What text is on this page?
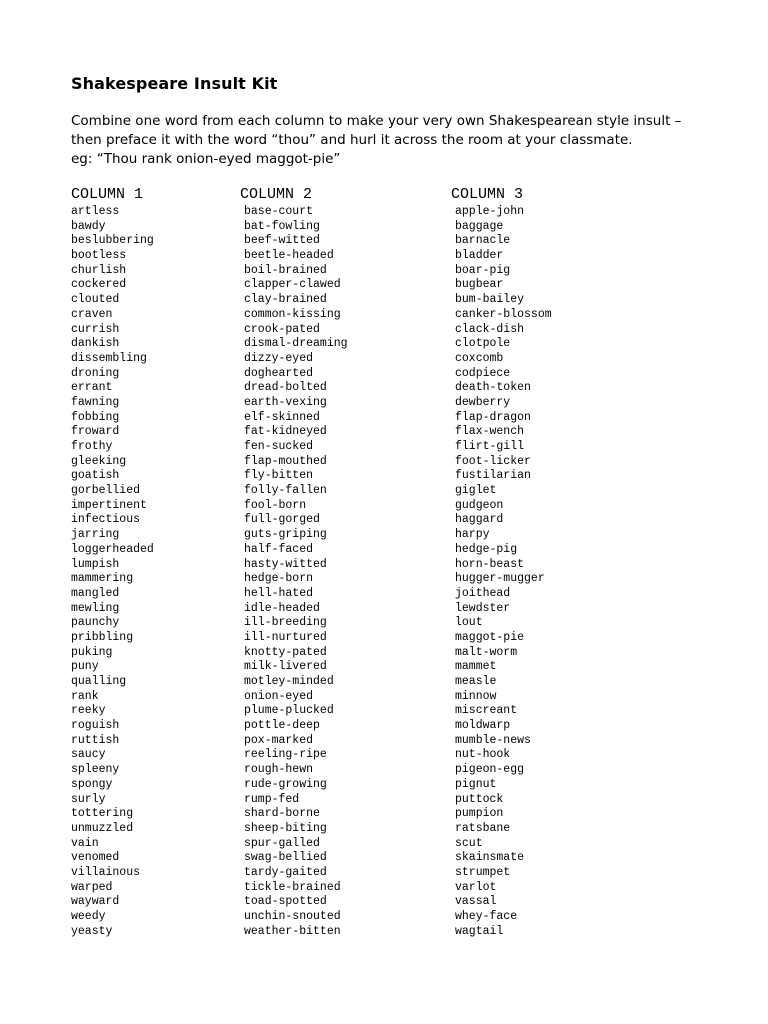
Shakespeare Insult Kit
Combine one word from each column to make your very own Shakespearean style insult –
then preface it with the word “thou” and hurl it across the room at your classmate.
eg: “Thou rank onion-eyed maggot-pie”
COLUMN 1
artless
bawdy
beslubbering
bootless
churlish
cockered
clouted
craven
currish
dankish
dissembling
droning
errant
fawning
fobbing
froward
frothy
gleeking
goatish
gorbellied
impertinent
infectious
jarring
loggerheaded
lumpish
mammering
mangled
mewling
paunchy
pribbling
puking
puny
qualling
rank
reeky
roguish
ruttish
saucy
spleeny
spongy
surly
tottering
unmuzzled
vain
venomed
villainous
warped
wayward
weedy
yeasty
COLUMN 2
base-court
bat-fowling
beef-witted
beetle-headed
boil-brained
clapper-clawed
clay-brained
common-kissing
crook-pated
dismal-dreaming
dizzy-eyed
doghearted
dread-bolted
earth-vexing
elf-skinned
fat-kidneyed
fen-sucked
flap-mouthed
fly-bitten
folly-fallen
fool-born
full-gorged
guts-griping
half-faced
hasty-witted
hedge-born
hell-hated
idle-headed
ill-breeding
ill-nurtured
knotty-pated
milk-livered
motley-minded
onion-eyed
plume-plucked
pottle-deep
pox-marked
reeling-ripe
rough-hewn
rude-growing
rump-fed
shard-borne
sheep-biting
spur-galled
swag-bellied
tardy-gaited
tickle-brained
toad-spotted
unchin-snouted
weather-bitten
COLUMN 3
apple-john
baggage
barnacle
bladder
boar-pig
bugbear
bum-bailey
canker-blossom
clack-dish
clotpole
coxcomb
codpiece
death-token
dewberry
flap-dragon
flax-wench
flirt-gill
foot-licker
fustilarian
giglet
gudgeon
haggard
harpy
hedge-pig
horn-beast
hugger-mugger
joithead
lewdster
lout
maggot-pie
malt-worm
mammet
measle
minnow
miscreant
moldwarp
mumble-news
nut-hook
pigeon-egg
pignut
puttock
pumpion
ratsbane
scut
skainsmate
strumpet
varlot
vassal
whey-face
wagtail
